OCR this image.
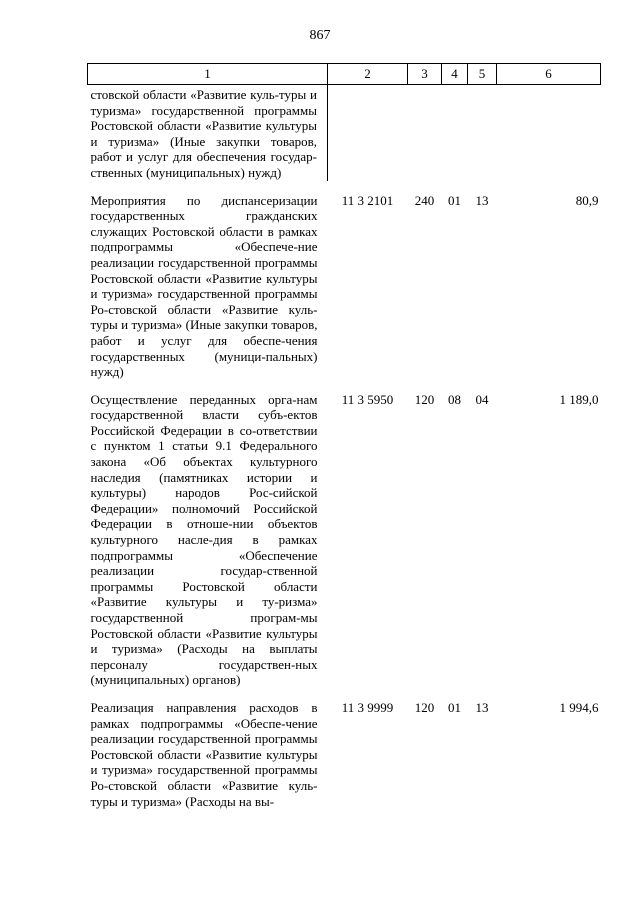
867
1	2	3	4	5	6
стовской области «Развитие куль-туры и туризма» государственной программы Ростовской области «Развитие культуры и туризма» (Иные закупки товаров, работ и услуг для обеспечения государ-ственных (муниципальных) нужд)					
Мероприятия по диспансеризации государственных гражданских служащих Ростовской области в рамках подпрограммы «Обеспече-ние реализации государственной программы Ростовской области «Развитие культуры и туризма» государственной программы Ро-стовской области «Развитие куль-туры и туризма» (Иные закупки товаров, работ и услуг для обеспе-чения государственных (муници-пальных) нужд)	11 3 2101	240	01	13	80,9
Осуществление переданных орга-нам государственной власти субъ-ектов Российской Федерации в со-ответствии с пунктом 1 статьи 9.1 Федерального закона «Об объектах культурного наследия (памятниках истории и культуры) народов Рос-сийской Федерации» полномочий Российской Федерации в отноше-нии объектов культурного насле-дия в рамках подпрограммы «Обеспечение реализации государ-ственной программы Ростовской области «Развитие культуры и ту-ризма» государственной програм-мы Ростовской области «Развитие культуры и туризма» (Расходы на выплаты персоналу государствен-ных (муниципальных) органов)	11 3 5950	120	08	04	1 189,0
Реализация направления расходов в рамках подпрограммы «Обеспе-чение реализации государственной программы Ростовской области «Развитие культуры и туризма» государственной программы Ро-стовской области «Развитие куль-туры и туризма» (Расходы на вы-	11 3 9999	120	01	13	1 994,6
